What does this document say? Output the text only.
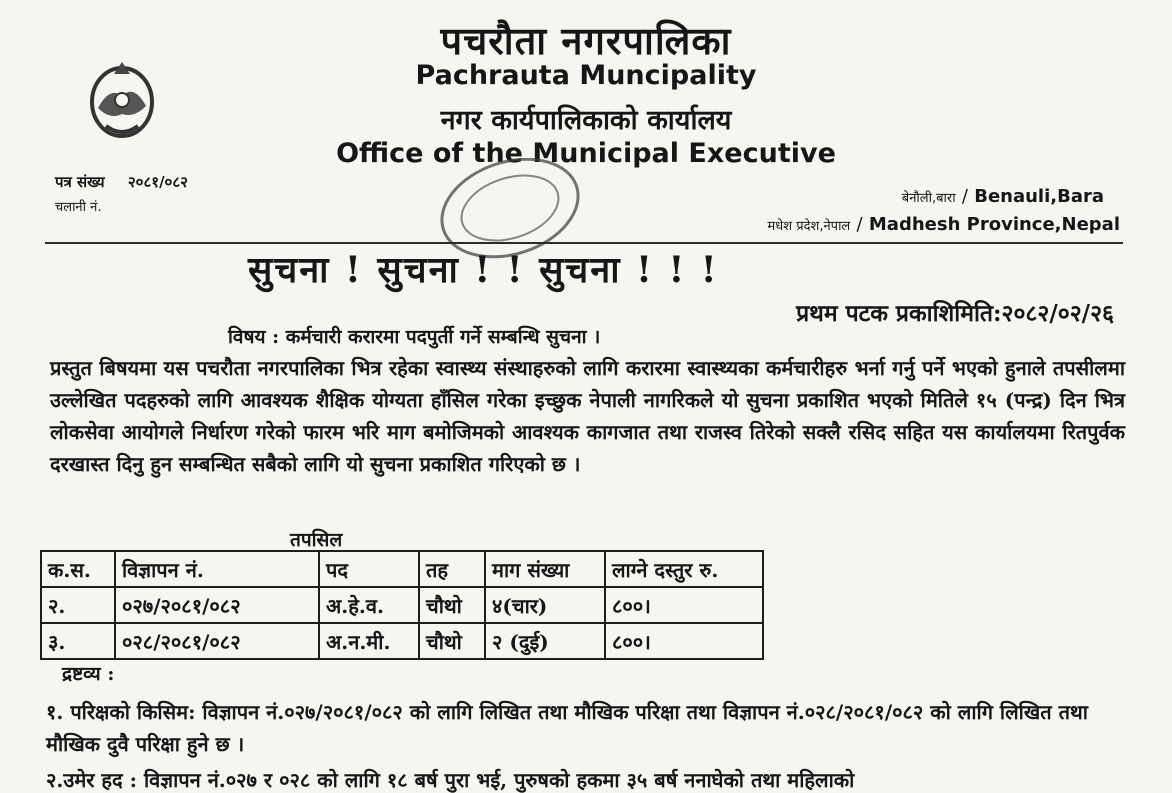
पचरौता नगरपालिका
Pachrauta Muncipality
नगर कार्यपालिकाको कार्यालय
Office of the Municipal Executive
पत्र संख्य २०८१/०८२
चलानी नं.
बेनौली,बारा / Benauli,Bara
मधेश प्रदेश,नेपाल / Madhesh Province,Nepal
सुचना ! सुचना ! ! सुचना ! ! !
प्रथम पटक प्रकाशिमिति:२०८२/०२/२६
विषय : कर्मचारी करारमा पदपुर्ती गर्ने सम्बन्धि सुचना ।
प्रस्तुत बिषयमा यस पचरौता नगरपालिका भित्र रहेका स्वास्थ्य संस्थाहरुको लागि करारमा स्वास्थ्यका कर्मचारीहरु भर्ना गर्नु पर्ने भएको हुनाले तपसीलमा उल्लेखित पदहरुको लागि आवश्यक शैक्षिक योग्यता हाँसिल गरेका इच्छुक नेपाली नागरिकले यो सुचना प्रकाशित भएको मितिले १५ (पन्द्र) दिन भित्र लोकसेवा आयोगले निर्धारण गरेको फारम भरि माग बमोजिमको आवश्यक कागजात तथा राजस्व तिरेको सक्लै रसिद सहित यस कार्यालयमा रितपुर्वक दरखास्त दिनु हुन सम्बन्धित सबैको लागि यो सुचना प्रकाशित गरिएको छ ।
तपसिल
क.स.	विज्ञापन नं.	पद	तह	माग संख्या	लाग्ने दस्तुर रु.
२.	०२७/२०८१/०८२	अ.हे.व.	चौथो	४(चार)	८००।
३.	०२८/२०८१/०८२	अ.न.मी.	चौथो	२ (दुई)	८००।
द्रष्टव्य :
१. परिक्षको किसिम: विज्ञापन नं.०२७/२०८१/०८२ को लागि लिखित तथा मौखिक परिक्षा तथा विज्ञापन नं.०२८/२०८१/०८२ को लागि लिखित तथा मौखिक दुवै परिक्षा हुने छ ।
२.उमेर हद : विज्ञापन नं.०२७ र ०२८ को लागि १८ बर्ष पुरा भई, पुरुषको हकमा ३५ बर्ष ननाघेको तथा महिलाको
